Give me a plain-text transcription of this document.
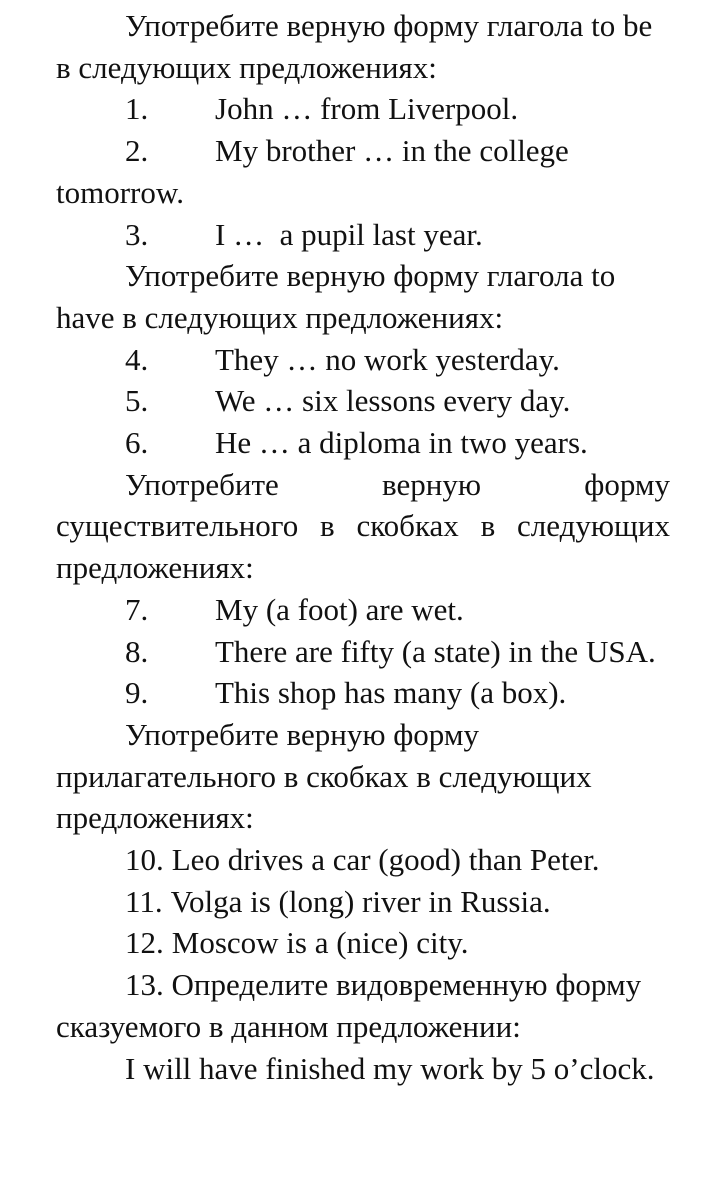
Употребите верную форму глагола to be в следующих предложениях:

1. John … from Liverpool.

2. My brother … in the college tomorrow.

3. I …  a pupil last year.

Употребите верную форму глагола to have в следующих предложениях:

4. They … no work yesterday.

5. We … six lessons every day.

6. He … a diploma in two years.

Употребите верную форму существительного в скобках в следующих предложениях:

7. My (a foot) are wet.

8. There are fifty (a state) in the USA.

9. This shop has many (a box).

Употребите верную форму прилагательного в скобках в следующих предложениях:

10. Leo drives a car (good) than Peter.

11. Volga is (long) river in Russia.

12. Moscow is a (nice) city.

13. Определите видовременную форму сказуемого в данном предложении:

I will have finished my work by 5 o’clock.
